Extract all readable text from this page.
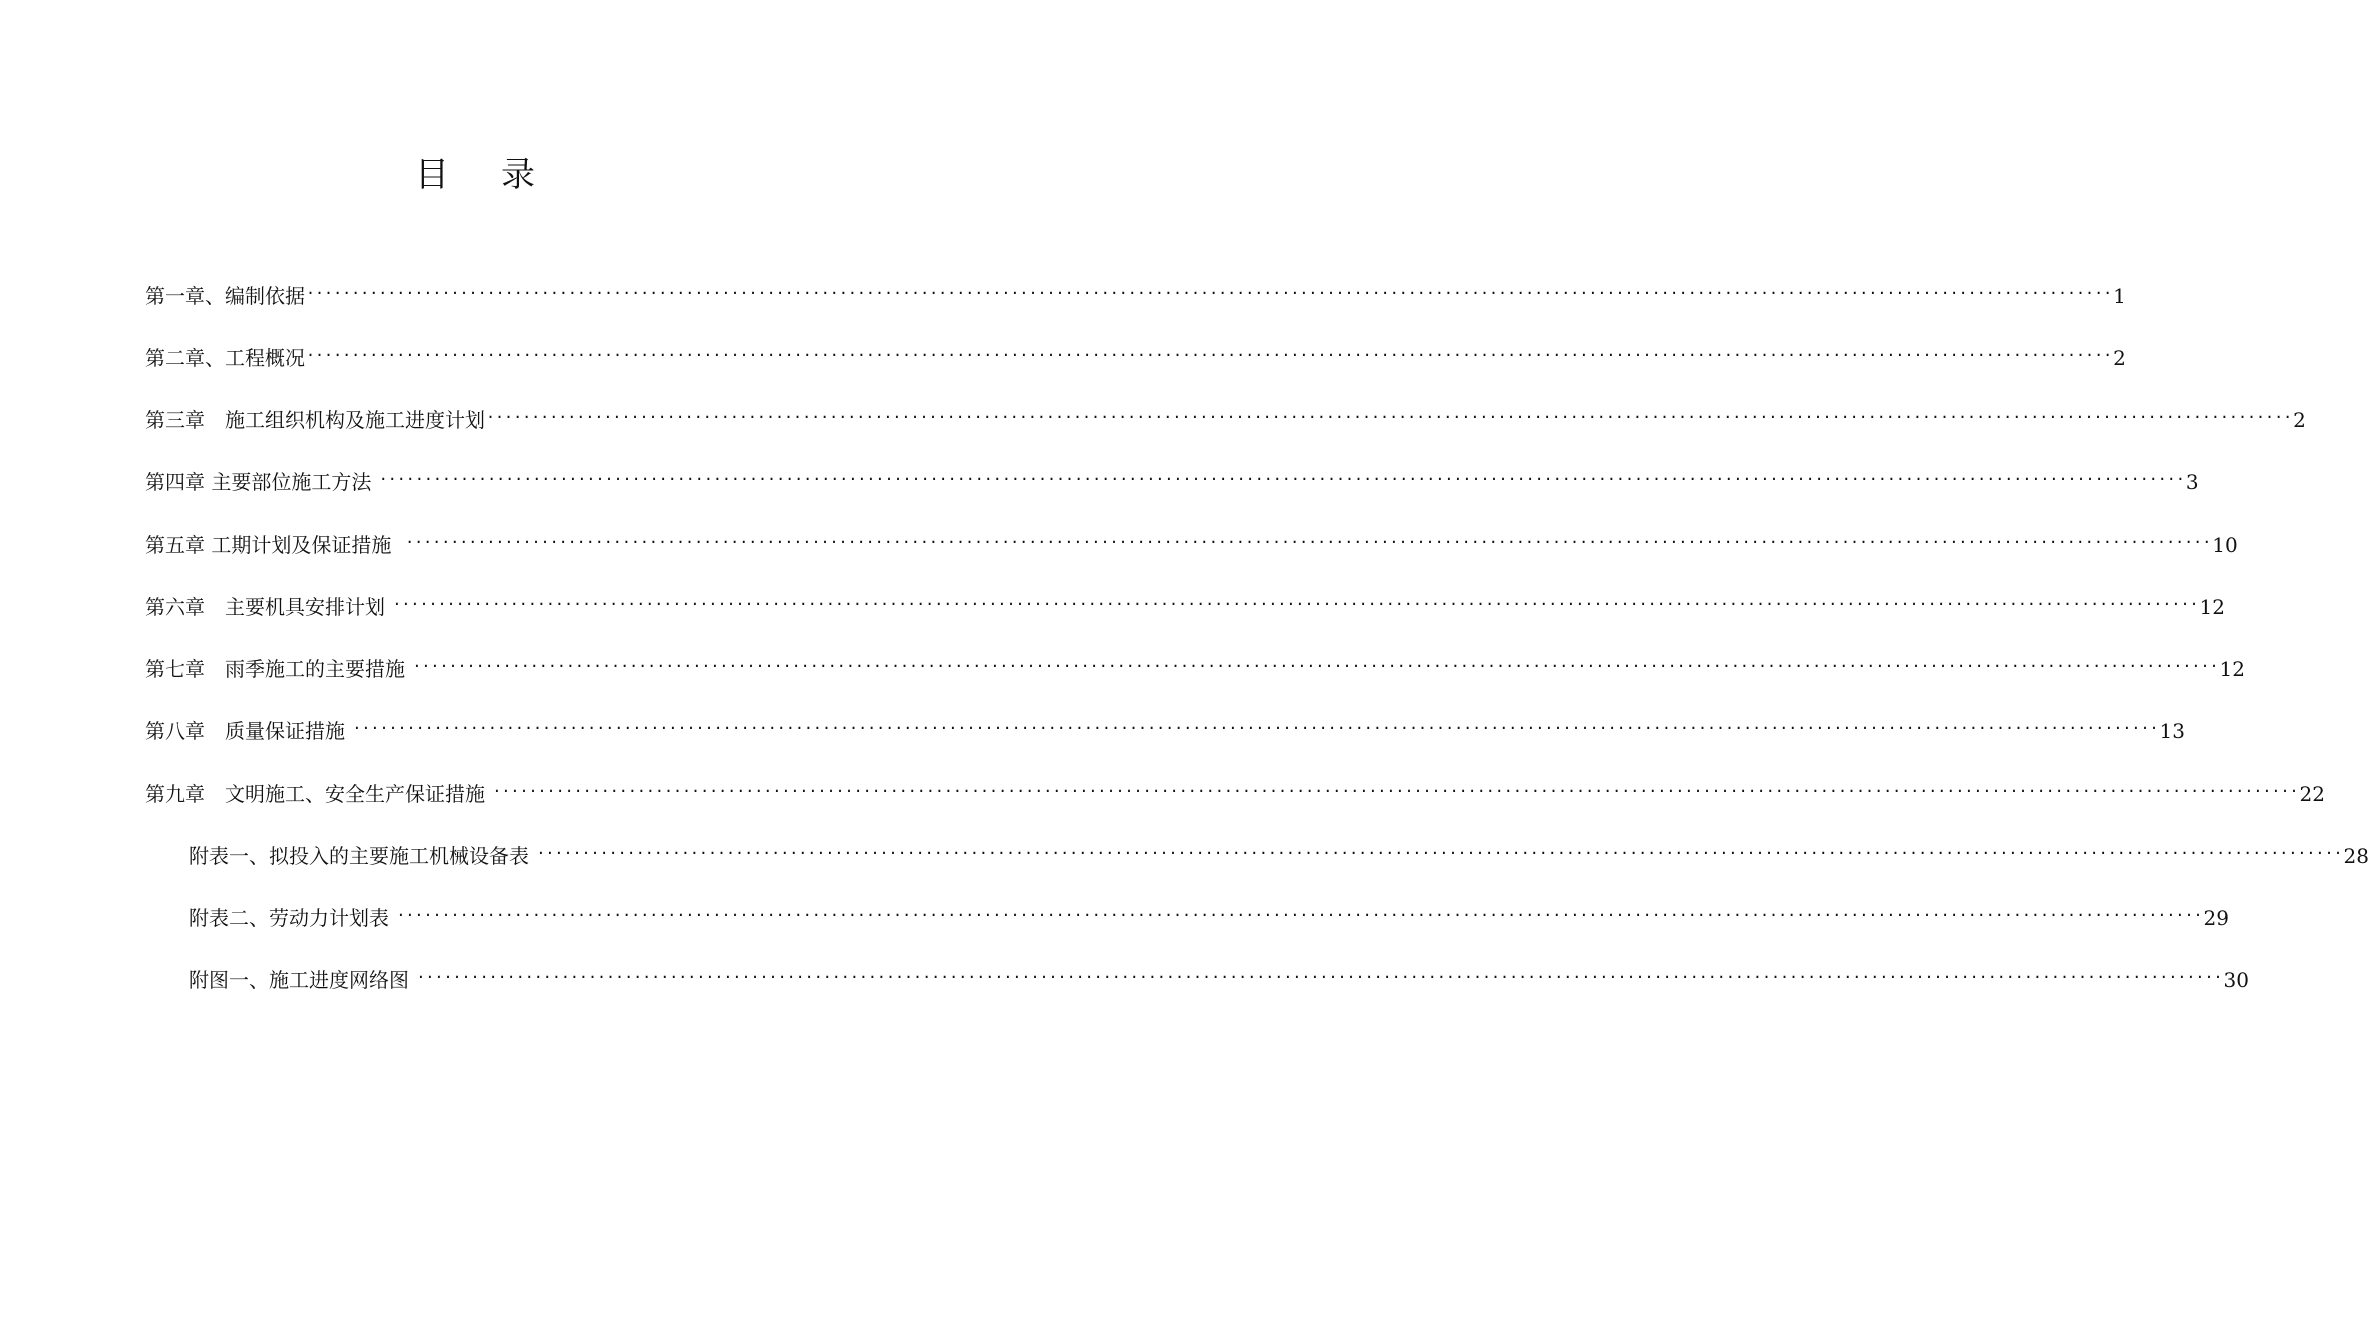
目 录
第一章、编制依据 ········································································································································································································ 1
第二章、工程概况 ········································································································································································································ 2
第三章　施工组织机构及施工进度计划 ········································································································································································································ 2
第四章 主要部位施工方法 ········································································································································································································ 3
第五章 工期计划及保证措施 ········································································································································································································ 10
第六章　主要机具安排计划 ········································································································································································································ 12
第七章　雨季施工的主要措施 ········································································································································································································ 12
第八章　质量保证措施 ········································································································································································································ 13
第九章　文明施工、安全生产保证措施 ········································································································································································································ 22
附表一、拟投入的主要施工机械设备表 ········································································································································································································ 28
附表二、劳动力计划表 ········································································································································································································ 29
附图一、施工进度网络图 ········································································································································································································ 30
